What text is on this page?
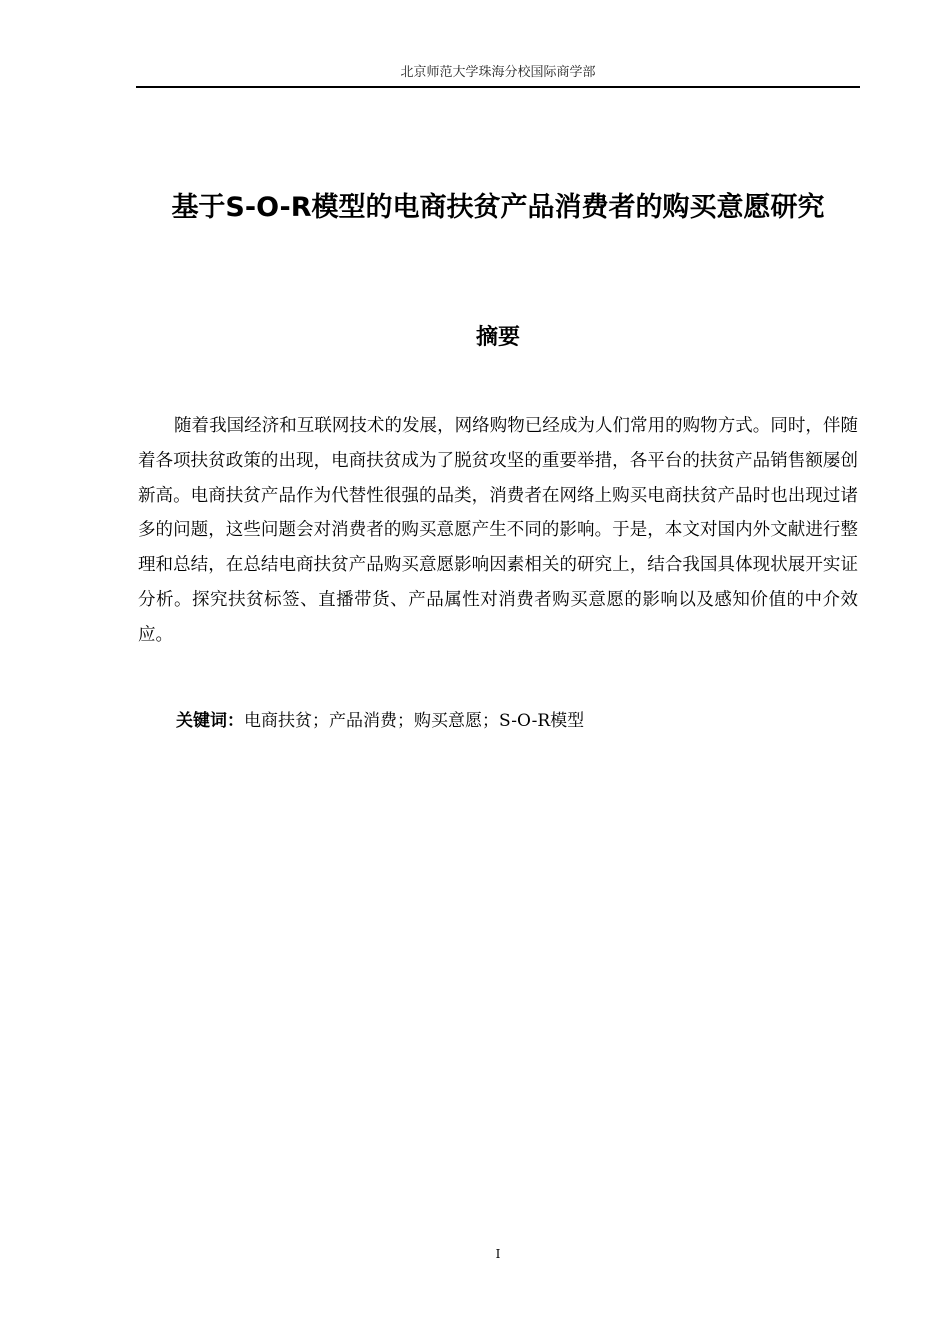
北京师范大学珠海分校国际商学部
基于S-O-R模型的电商扶贫产品消费者的购买意愿研究
摘要

随着我国经济和互联网技术的发展，网络购物已经成为人们常用的购物方式。同时，伴随着各项扶贫政策的出现，电商扶贫成为了脱贫攻坚的重要举措，各平台的扶贫产品销售额屡创新高。电商扶贫产品作为代替性很强的品类，消费者在网络上购买电商扶贫产品时也出现过诸多的问题，这些问题会对消费者的购买意愿产生不同的影响。于是，本文对国内外文献进行整理和总结，在总结电商扶贫产品购买意愿影响因素相关的研究上，结合我国具体现状展开实证分析。探究扶贫标签、直播带货、产品属性对消费者购买意愿的影响以及感知价值的中介效应。

关键词：电商扶贫；产品消费；购买意愿；S-O-R模型
I
